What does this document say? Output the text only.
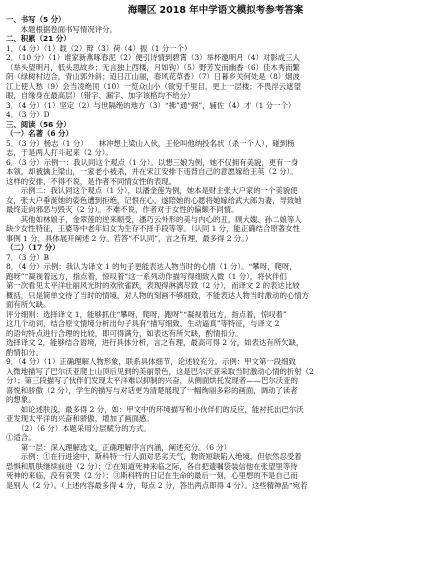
海曙区 2018 年中学语文模拟考参考答案
一、书写（5 分）
　　本题根据卷面书写情况评分。
二、积累（21 分）
1．（4 分）（1）载（2）辩（3）荷（4）振（1 分一个）
2．（10 分）（1）谁家新燕啄春泥（2）便引诗情到碧霄（3）举杯邀明月（4）对影成三人
（举头望明月，低头思故乡；无言独上西楼，月如钩）（5）野芳发而幽香（6）佳木秀而繁
阴（绿树村边合，青山郭外斜；迢日江山丽，春风花草香）（7）日暮乡关何处是（8）烟波
江上使人愁（9）会当凌绝顶（10）一览众山小（欲穷千里目，更上一层楼；不畏浮云遮望
眼，自缘身在最高层）（错字、漏字、加字该格均不给分）
3．（4 分）（1）坚定（2）与世隔绝的地方（3）“拂”通“弼”，辅佐（4）才（1 分一个）
4．（3 分）D
三、阅读（56 分）
（一）名著（6 分）
5．（3 分）杨志（1 分）　　林冲想上梁山入伙，王伦叫他纳投名状（杀一个人），碰到杨
志，于是两人打斗起来（2 分）。
6．（3 分）示例一：我认同这个观点（1 分）。以想三娘为例，她不仅拥有美貌，更有一身
本领，却被擒上梁山，一家老小被杀，并在宋江安排下违背自己的意愿嫁给王英（2 分）。
这样的安排，不得不说，是作者不同情女性的表现。
　　示例二：我认同这个观点（1 分），以潘金莲为例，她本是财主张大户家的一个美貌使
女，张大户垂涎她的姿色遭到拒绝，记恨在心，遂陪她的心愿将她嫁给武大郎为妻，导致她
最终走向邪恶与毁灭（2 分）。不难不说，作者对于女性的偏颇不同情。
　　其他如林娘子、金翠莲的逆来顺受，潘巧云外形的美与内心的丑，顾大嫂、孙二娘等人
缺少女性特征，王婆等中老年妇女为生存不择手段等等。（认同 1 分，能正确结合原著女性
事例 1 分，具体展开阐述 2 分。若答“不认同”，言之有理，最多得 2 分。）
（二）（17 分）
7．（3 分）B
8．（4 分）示例：我认为译文 1 的句子更能表达人物当时的心情（1 分）。“攀呀，爬呀，
跑呀”“凝视着远方，指点着，惊叹着”这一系列动作描写得细致入微（1 分），将伙伴们
第一次看见太平洋壮丽风光时的欢欣雀跃，表现得淋漓尽致（2 分），而译文 2 的表达比较
概括，只是简单交待了当时的情境，对人物的刻画不够细致，不能表达人物当时激动的心情方
面有所欠缺。
评分细则：选择译文 1，能够抓住“攀呀，爬呀，跑呀”“凝视着远方，指点着，惊叹着”
这几个动词，结合原文情境分析出句子具有“描写细致、生动逼真”等特征，与译文 2
的语句特点进行合理的比较，即可得满分，如表达有所欠缺，酌情扣分。
选择译文 2，能够结合语境，进行具体分析，言之有理，最高可得 2 分，如表达有所欠缺，
酌情扣分。
9．（4 分）（1）正确理解人物形象，联系具体细节，论述较充分。示例：甲文第一段细致
入微地描写了巴尔沃亚爬上山顶后见到的美丽景色，这是巴尔沃亚采取当时激动心情的折射（2
分）；第三段描写了伙伴们发现太平洋难以抑制的兴奋，从侧面烘托发现者——巴尔沃亚的
喜悦和骄傲（2 分），学生的描写与对话更为清楚展现了一幅绚丽多彩的画面，调动了读者
的想象。
　　如论述肤浅，最多得 2 分，如：甲文中的环境描写和小伙伴们的反应，能衬托出巴尔沃
亚发现太平洋的兴奋和骄傲，增加了画面感。
　　（2）（6 分）本题采用分层赋分的方式。
①适合。
　　第一层：深入理解选文，正确理解序言内涵，阐述充分。（6 分）
　　示例：①在行进途中，斯科特一行人面对恶劣天气，物资短缺陷入绝境，但依然忍受着
恐惧和肌肤继续前进（2 分）；②在知道死神来临之际，各自把遗嘱袋装信他在张望里等待
死神的来临，没有哀哭（2 分）；③斯科特的日记在生命的最后一刻，心里想的不是自己而
是别人（2 分）。（上述内容最多得 4 分，每点 2 分，答出两点即得 4 分）。这些精神品“宛若
